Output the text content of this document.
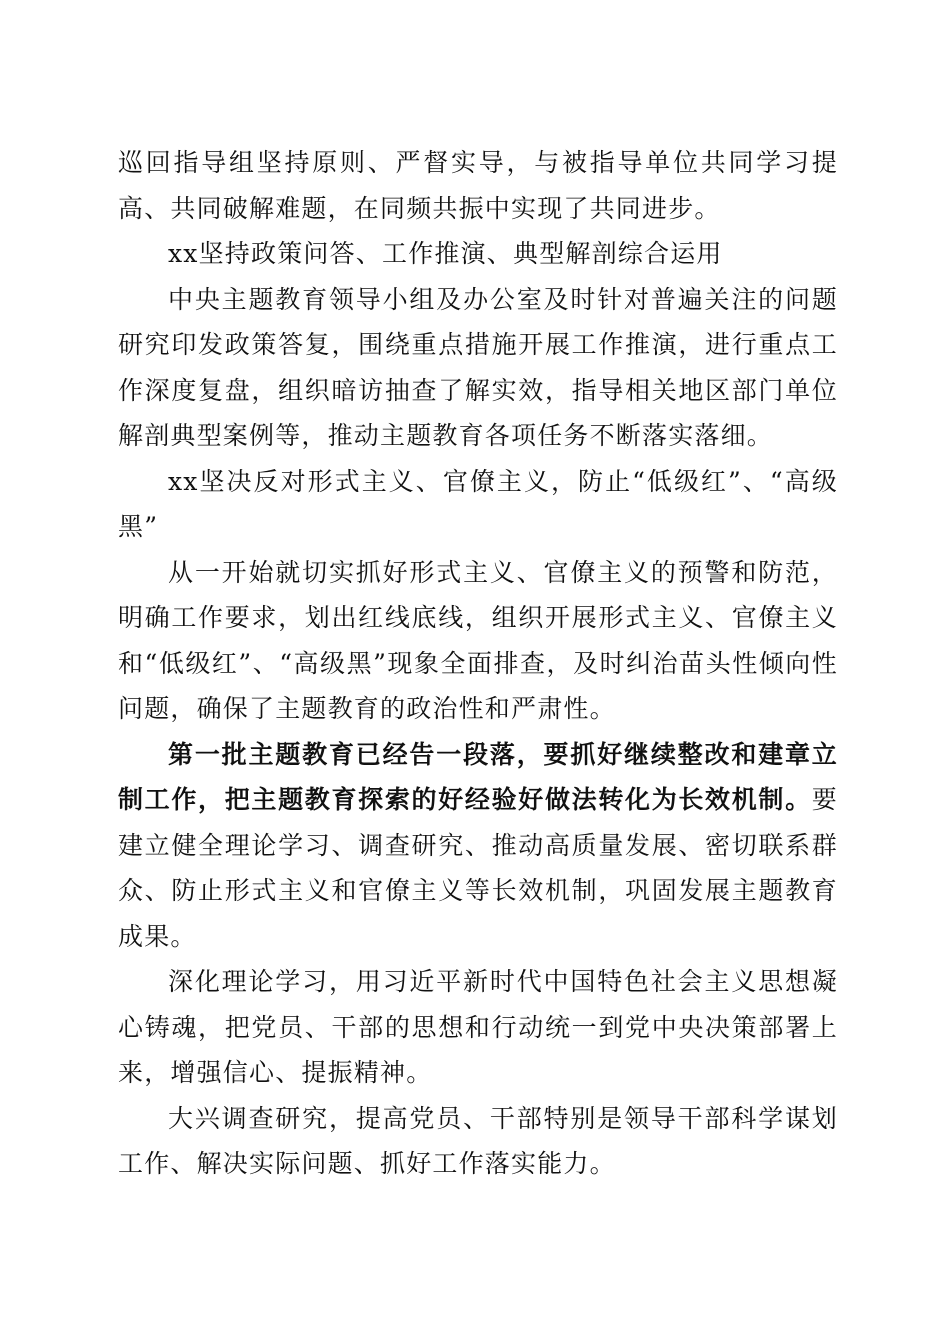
巡回指导组坚持原则、严督实导，与被指导单位共同学习提高、共同破解难题，在同频共振中实现了共同进步。

xx坚持政策问答、工作推演、典型解剖综合运用

中央主题教育领导小组及办公室及时针对普遍关注的问题研究印发政策答复，围绕重点措施开展工作推演，进行重点工作深度复盘，组织暗访抽查了解实效，指导相关地区部门单位解剖典型案例等，推动主题教育各项任务不断落实落细。

xx坚决反对形式主义、官僚主义，防止“低级红”、“高级黑”

从一开始就切实抓好形式主义、官僚主义的预警和防范，明确工作要求，划出红线底线，组织开展形式主义、官僚主义和“低级红”、“高级黑”现象全面排查，及时纠治苗头性倾向性问题，确保了主题教育的政治性和严肃性。

第一批主题教育已经告一段落，要抓好继续整改和建章立制工作，把主题教育探索的好经验好做法转化为长效机制。要建立健全理论学习、调查研究、推动高质量发展、密切联系群众、防止形式主义和官僚主义等长效机制，巩固发展主题教育成果。

深化理论学习，用习近平新时代中国特色社会主义思想凝心铸魂，把党员、干部的思想和行动统一到党中央决策部署上来，增强信心、提振精神。

大兴调查研究，提高党员、干部特别是领导干部科学谋划工作、解决实际问题、抓好工作落实能力。
